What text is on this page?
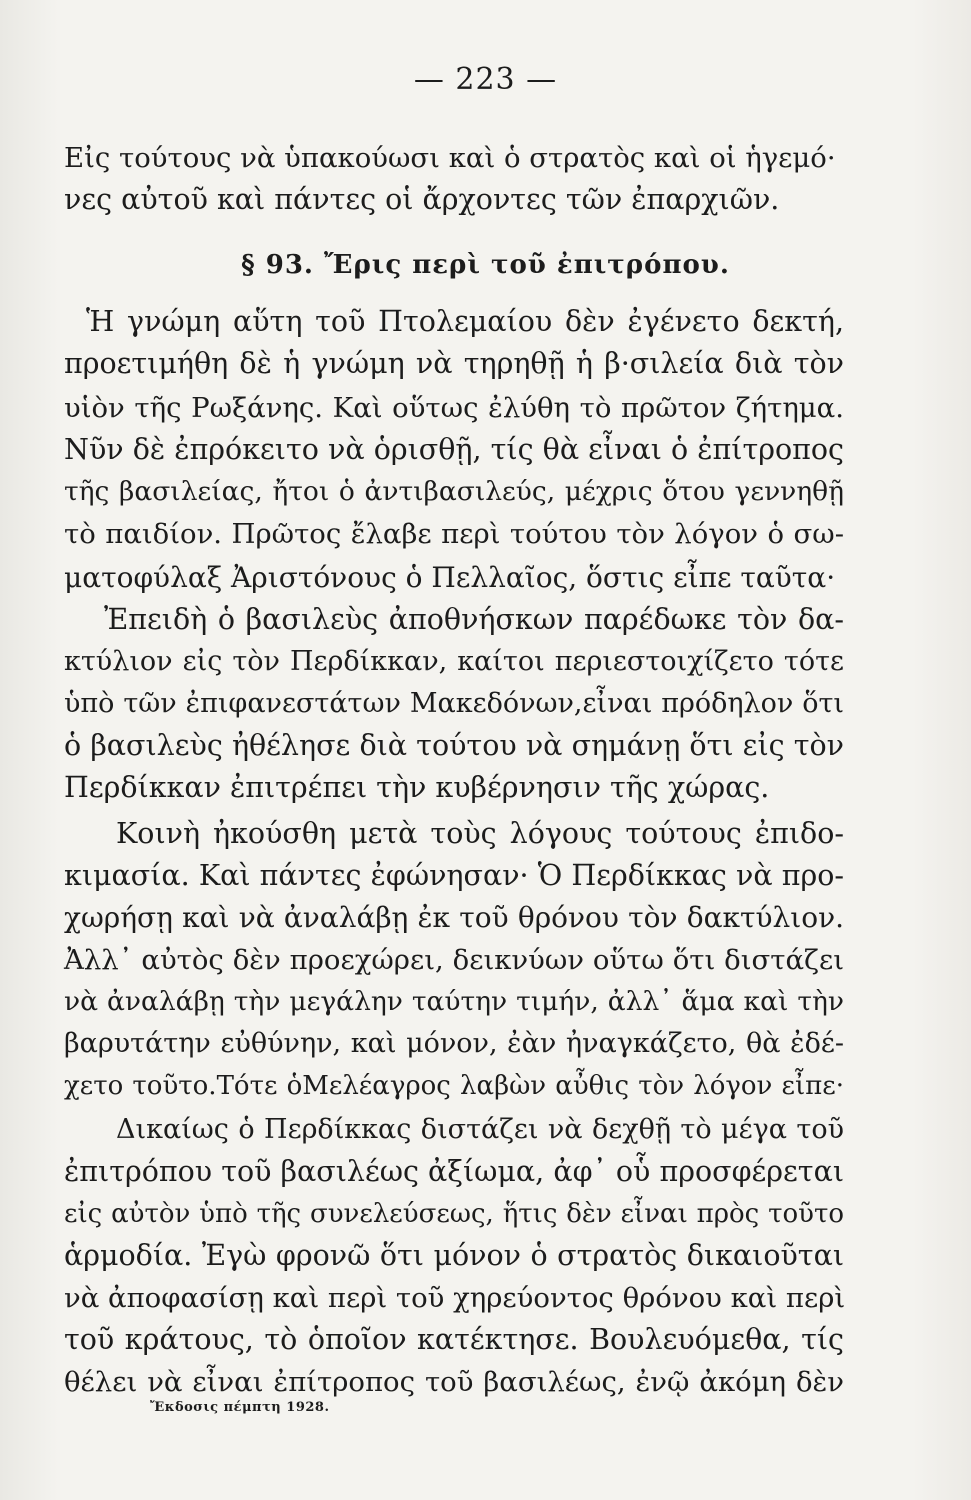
— 223 —
Εἰς τούτους νὰ ὑπακούωσι καὶ ὁ στρατὸς καὶ οἱ ἡγεμό·
νες αὐτοῦ καὶ πάντες οἱ ἄρχοντες τῶν ἐπαρχιῶν.
§ 93. Ἔρις περὶ τοῦ ἐπιτρόπου.
Ἡ γνώμη αὕτη τοῦ Πτολεμαίου δὲν ἐγένετο δεκτή,
προετιμήθη δὲ ἡ γνώμη νὰ τηρηθῇ ἡ β·σιλεία διὰ τὸν
υἱὸν τῆς Ρωξάνης. Καὶ οὕτως ἐλύθη τὸ πρῶτον ζήτημα.
Νῦν δὲ ἐπρόκειτο νὰ ὁρισθῇ, τίς θὰ εἶναι ὁ ἐπίτροπος
τῆς βασιλείας, ἤτοι ὁ ἀντιβασιλεύς, μέχρις ὅτου γεννηθῇ
τὸ παιδίον. Πρῶτος ἔλαβε περὶ τούτου τὸν λόγον ὁ σω-
ματοφύλαξ Ἀριστόνους ὁ Πελλαῖος, ὅστις εἶπε ταῦτα·
Ἐπειδὴ ὁ βασιλεὺς ἀποθνήσκων παρέδωκε τὸν δα-
κτύλιον εἰς τὸν Περδίκκαν, καίτοι περιεστοιχίζετο τότε
ὑπὸ τῶν ἐπιφανεστάτων Μακεδόνων,εἶναι πρόδηλον ὅτι
ὁ βασιλεὺς ἠθέλησε διὰ τούτου νὰ σημάνῃ ὅτι εἰς τὸν
Περδίκκαν ἐπιτρέπει τὴν κυβέρνησιν τῆς χώρας.
Κοινὴ ἠκούσθη μετὰ τοὺς λόγους τούτους ἐπιδο-
κιμασία. Καὶ πάντες ἐφώνησαν· Ὁ Περδίκκας νὰ προ-
χωρήσῃ καὶ νὰ ἀναλάβῃ ἐκ τοῦ θρόνου τὸν δακτύλιον.
Ἀλλ᾽ αὐτὸς δὲν προεχώρει, δεικνύων οὕτω ὅτι διστάζει
νὰ ἀναλάβῃ τὴν μεγάλην ταύτην τιμήν, ἀλλ᾽ ἅμα καὶ τὴν
βαρυτάτην εὐθύνην, καὶ μόνον, ἐὰν ἠναγκάζετο, θὰ ἐδέ-
χετο τοῦτο.Τότε ὁΜελέαγρος λαβὼν αὖθις τὸν λόγον εἶπε·
Δικαίως ὁ Περδίκκας διστάζει νὰ δεχθῇ τὸ μέγα τοῦ
ἐπιτρόπου τοῦ βασιλέως ἀξίωμα, ἀφ᾽ οὗ προσφέρεται
εἰς αὐτὸν ὑπὸ τῆς συνελεύσεως, ἥτις δὲν εἶναι πρὸς τοῦτο
ἁρμοδία. Ἐγὼ φρονῶ ὅτι μόνον ὁ στρατὸς δικαιοῦται
νὰ ἀποφασίσῃ καὶ περὶ τοῦ χηρεύοντος θρόνου καὶ περὶ
τοῦ κράτους, τὸ ὁποῖον κατέκτησε. Βουλευόμεθα, τίς
θέλει νὰ εἶναι ἐπίτροπος τοῦ βασιλέως, ἐνῷ ἀκόμη δὲν
Ἔκδοσις πέμπτη 1928.
